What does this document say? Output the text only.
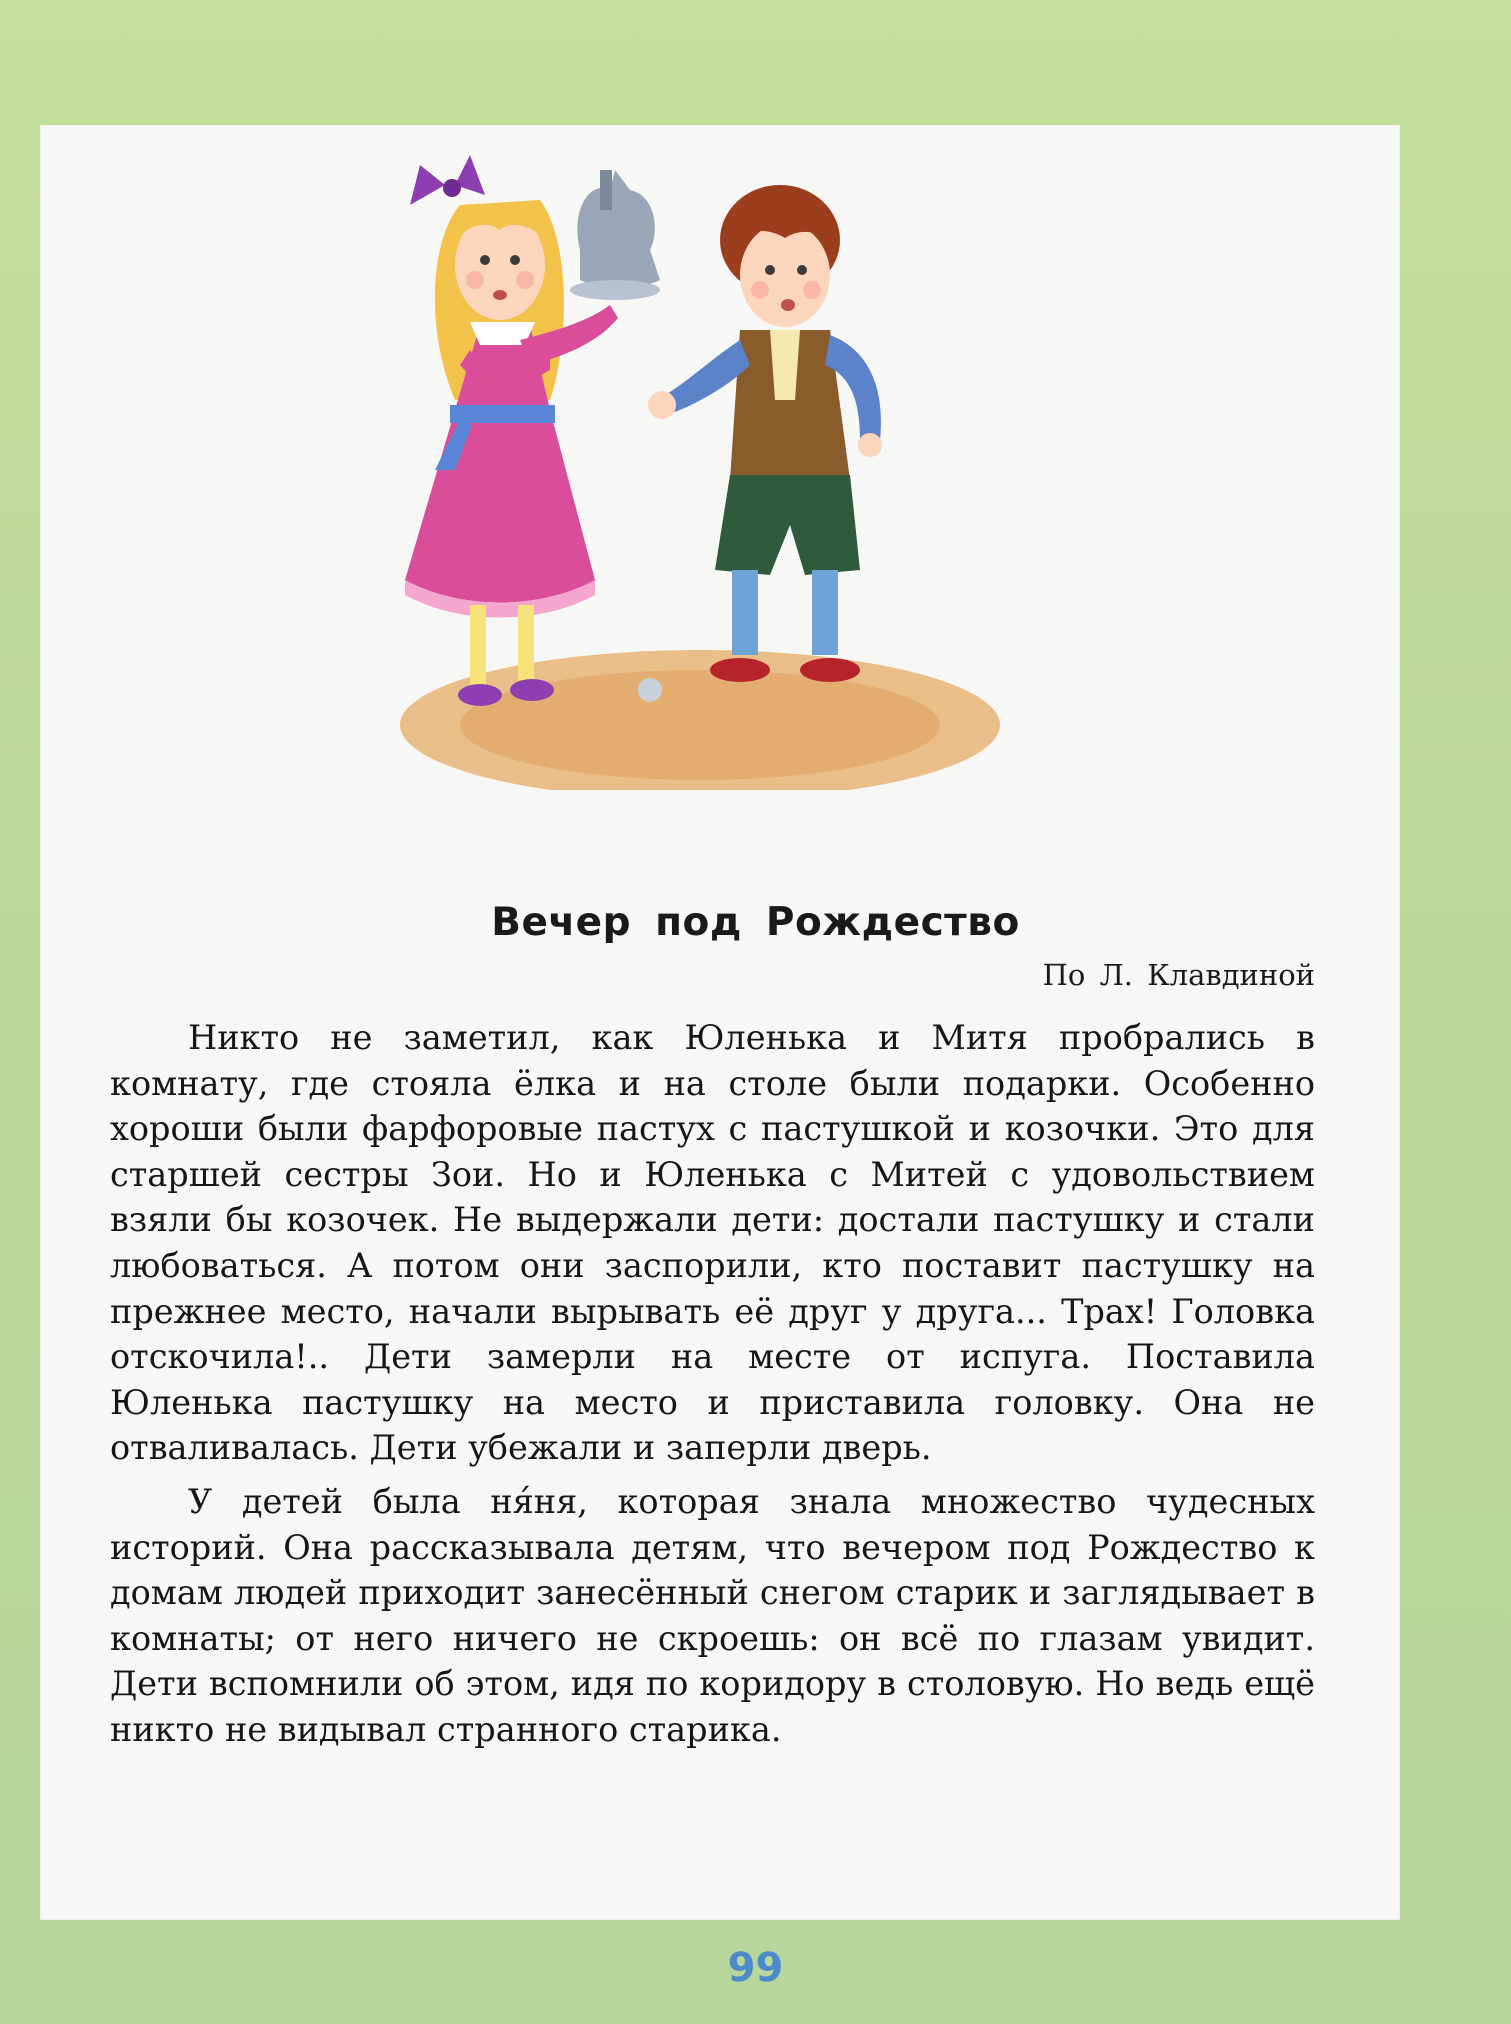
Вечер под Рождество
По Л. Клавдиной

Никто не заметил, как Юленька и Митя пробрались в комнату, где стояла ёлка и на столе были подарки. Особенно хороши были фарфоровые пастух с пастушкой и козочки. Это для старшей сестры Зои. Но и Юленька с Митей с удовольствием взяли бы козочек. Не выдержали дети: достали пастушку и стали любоваться. А потом они заспорили, кто поставит пастушку на прежнее место, начали вырывать её друг у друга... Трах! Головка отскочила!.. Дети замерли на месте от испуга. Поставила Юленька пастушку на место и приставила головку. Она не отваливалась. Дети убежали и заперли дверь.

У детей была ня́ня, которая знала множество чудесных историй. Она рассказывала детям, что вечером под Рождество к домам людей приходит занесённый снегом старик и заглядывает в комнаты; от него ничего не скроешь: он всё по глазам увидит. Дети вспомнили об этом, идя по коридору в столовую. Но ведь ещё никто не видывал странного старика.

99
